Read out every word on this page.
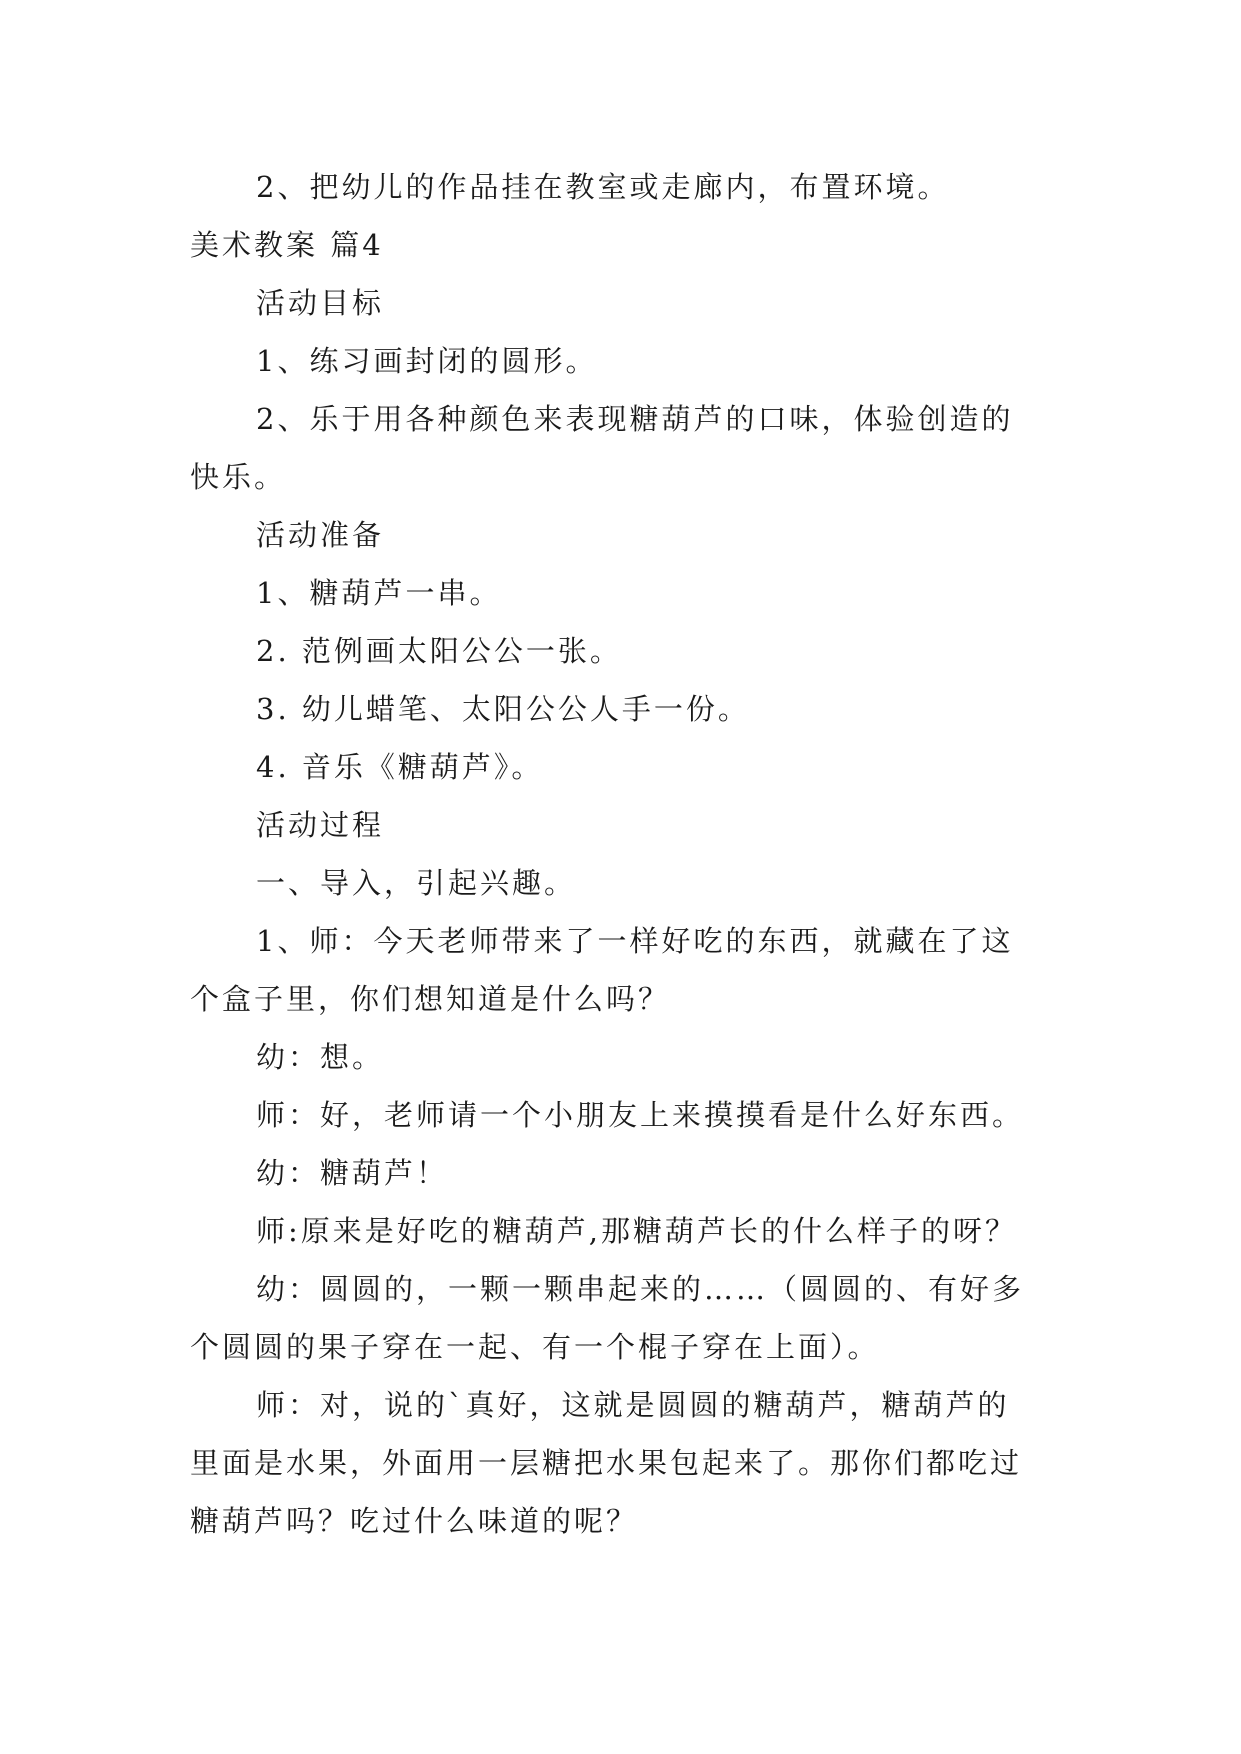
2、把幼儿的作品挂在教室或走廊内，布置环境。

美术教案 篇4

活动目标

1、练习画封闭的圆形。

2、乐于用各种颜色来表现糖葫芦的口味，体验创造的

快乐。

活动准备

1、糖葫芦一串。

2. 范例画太阳公公一张。

3. 幼儿蜡笔、太阳公公人手一份。

4. 音乐《糖葫芦》。

活动过程

一、导入，引起兴趣。

1、师：今天老师带来了一样好吃的东西，就藏在了这

个盒子里，你们想知道是什么吗？

幼：想。

师：好，老师请一个小朋友上来摸摸看是什么好东西。

幼：糖葫芦！

师:原来是好吃的糖葫芦,那糖葫芦长的什么样子的呀？

幼：圆圆的，一颗一颗串起来的……（圆圆的、有好多

个圆圆的果子穿在一起、有一个棍子穿在上面）。

师：对，说的`真好，这就是圆圆的糖葫芦，糖葫芦的

里面是水果，外面用一层糖把水果包起来了。那你们都吃过

糖葫芦吗？吃过什么味道的呢？
